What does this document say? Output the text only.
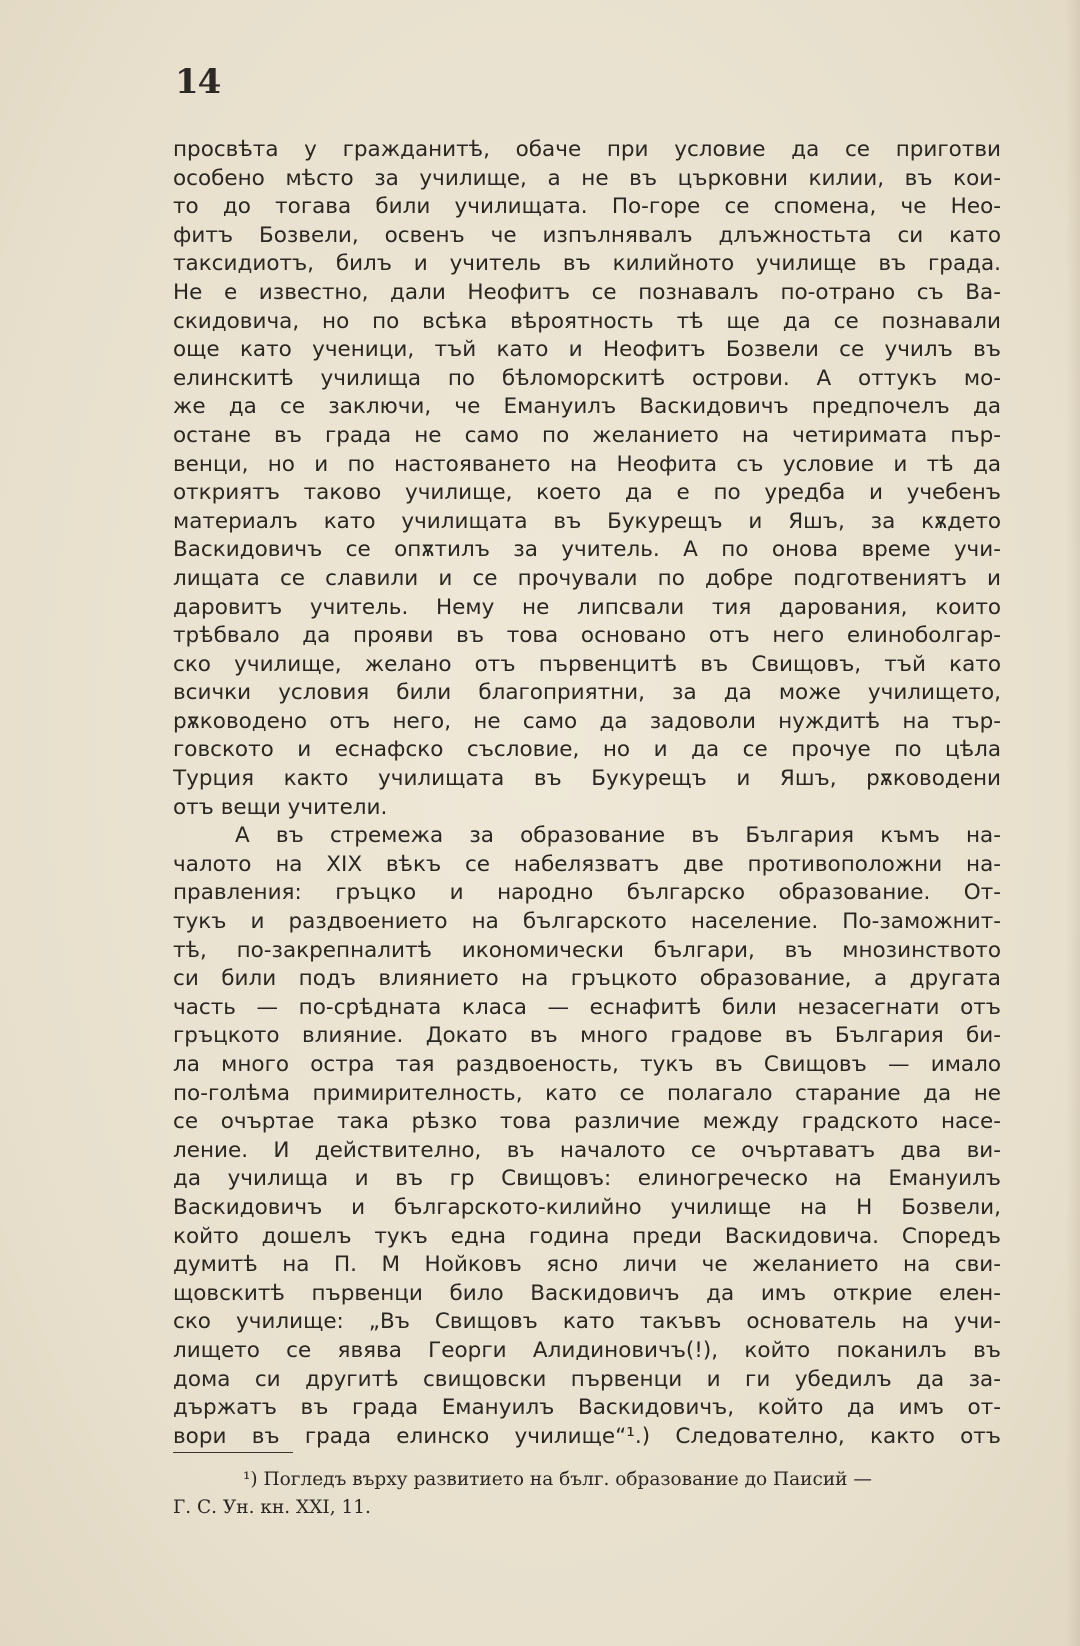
14
просвѣта у гражданитѣ, обаче при условие да се приготви
особено мѣсто за училище, а не въ църковни килии, въ кои-
то до тогава били училищата. По-горе се спомена, че Нео-
фитъ Бозвели, освенъ че изпълнявалъ длъжностьта си като
таксидиотъ, билъ и учитель въ килийното училище въ града.
Не е известно, дали Неофитъ се познавалъ по-отрано съ Ва-
скидовича, но по всѣка вѣроятность тѣ ще да се познавали
още като ученици, тъй като и Неофитъ Бозвели се училъ въ
елинскитѣ училища по бѣломорскитѣ острови. А оттукъ мо-
же да се заключи, че Емануилъ Васкидовичъ предпочелъ да
остане въ града не само по желанието на четиримата пър-
венци, но и по настояването на Неофита съ условие и тѣ да
откриятъ таково училище, което да е по уредба и учебенъ
материалъ като училищата въ Букурещъ и Яшъ, за кѫдето
Васкидовичъ се опѫтилъ за учитель. А по онова време учи-
лищата се славили и се прочували по добре подготвениятъ и
даровитъ учитель. Нему не липсвали тия дарования, които
трѣбвало да прояви въ това основано отъ него елиноболгар-
ско училище, желано отъ първенцитѣ въ Свищовъ, тъй като
всички условия били благоприятни, за да може училището,
рѫководено отъ него, не само да задоволи нуждитѣ на тър-
говското и еснафско съсловие, но и да се прочуе по цѣла
Турция както училищата въ Букурещъ и Яшъ, рѫководени
отъ вещи учители.
А въ стремежа за образование въ България къмъ на-
чалото на XIX вѣкъ се набелязватъ две противоположни на-
правления: гръцко и народно българско образование. От-
тукъ и раздвоението на българското население. По-заможнит-
тѣ, по-закрепналитѣ икономически българи, въ мнозинството
си били подъ влиянието на гръцкото образование, а другата
часть — по-срѣдната класа — еснафитѣ били незасегнати отъ
гръцкото влияние. Докато въ много градове въ България би-
ла много остра тая раздвоеность, тукъ въ Свищовъ — имало
по-голѣма примирителность, като се полагало старание да не
се очъртае така рѣзко това различие между градското насе-
ление. И действително, въ началото се очъртаватъ два ви-
да училища и въ гр Свищовъ: елиногреческо на Емануилъ
Васкидовичъ и българското-килийно училище на Н Бозвели,
който дошелъ тукъ една година преди Васкидовича. Споредъ
думитѣ на П. М Нойковъ ясно личи че желанието на сви-
щовскитѣ първенци било Васкидовичъ да имъ открие елен-
ско училище: „Въ Свищовъ като такъвъ основатель на учи-
лището се явява Георги Алидиновичъ(!), който поканилъ въ
дома си другитѣ свищовски първенци и ги убедилъ да за-
държатъ въ града Емануилъ Васкидовичъ, който да имъ от-
вори въ града елинско училище“¹.) Следователно, както отъ
¹) Погледъ върху развитието на бълг. образование до Паисий —
Г. С. Ун. кн. XXI, 11.
